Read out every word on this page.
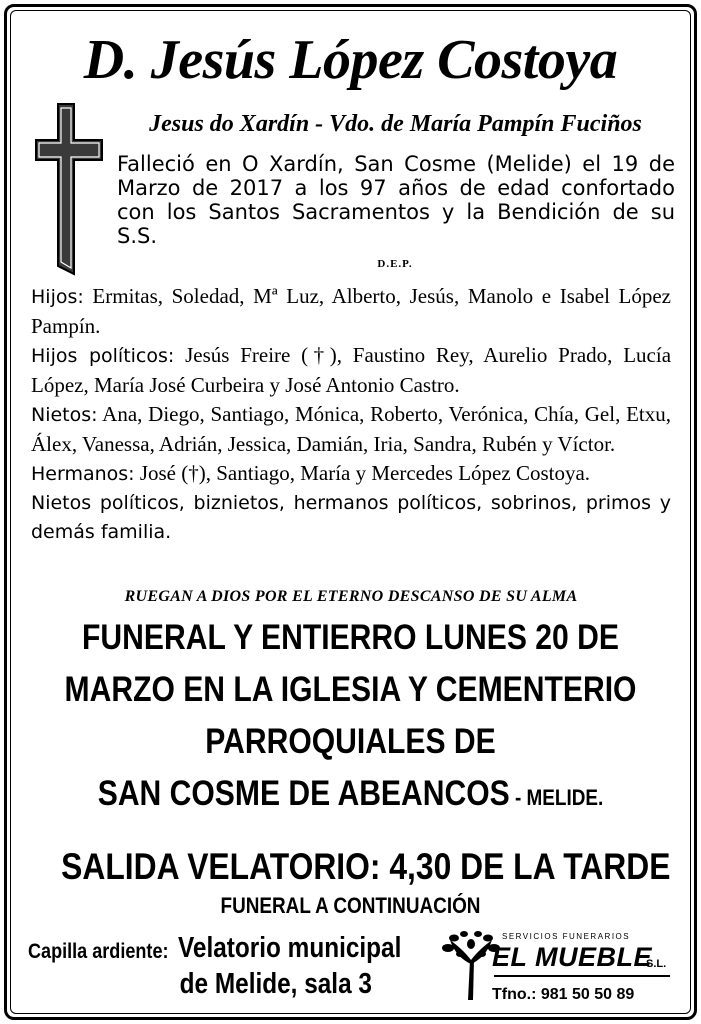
D. Jesús López Costoya
Jesus do Xardín - Vdo. de María Pampín Fuciños
Falleció en O Xardín, San Cosme (Melide) el 19 de Marzo de 2017 a los 97 años de edad confortado con los Santos Sacramentos y la Bendición de su S.S.
D.E.P.

Hijos: Ermitas, Soledad, Mª Luz, Alberto, Jesús, Manolo e Isabel López Pampín.

Hijos políticos: Jesús Freire (†), Faustino Rey, Aurelio Prado, Lucía López, María José Curbeira y José Antonio Castro.

Nietos: Ana, Diego, Santiago, Mónica, Roberto, Verónica, Chía, Gel, Etxu, Álex, Vanessa, Adrián, Jessica, Damián, Iria, Sandra, Rubén y Víctor.

Hermanos: José (†), Santiago, María y Mercedes López Costoya.

Nietos políticos, biznietos, hermanos políticos, sobrinos, primos y demás familia.

RUEGAN A DIOS POR EL ETERNO DESCANSO DE SU ALMA
FUNERAL Y ENTIERRO LUNES 20 DE
MARZO EN LA IGLESIA Y CEMENTERIO
PARROQUIALES DE
SAN COSME DE ABEANCOS - MELIDE.
SALIDA VELATORIO: 4,30 DE LA TARDE
FUNERAL A CONTINUACIÓN
Capilla ardiente: Velatorio municipal
de Melide, sala 3
SERVICIOS FUNERARIOS
EL MUEBLE
S.L.
Tfno.: 981 50 50 89
